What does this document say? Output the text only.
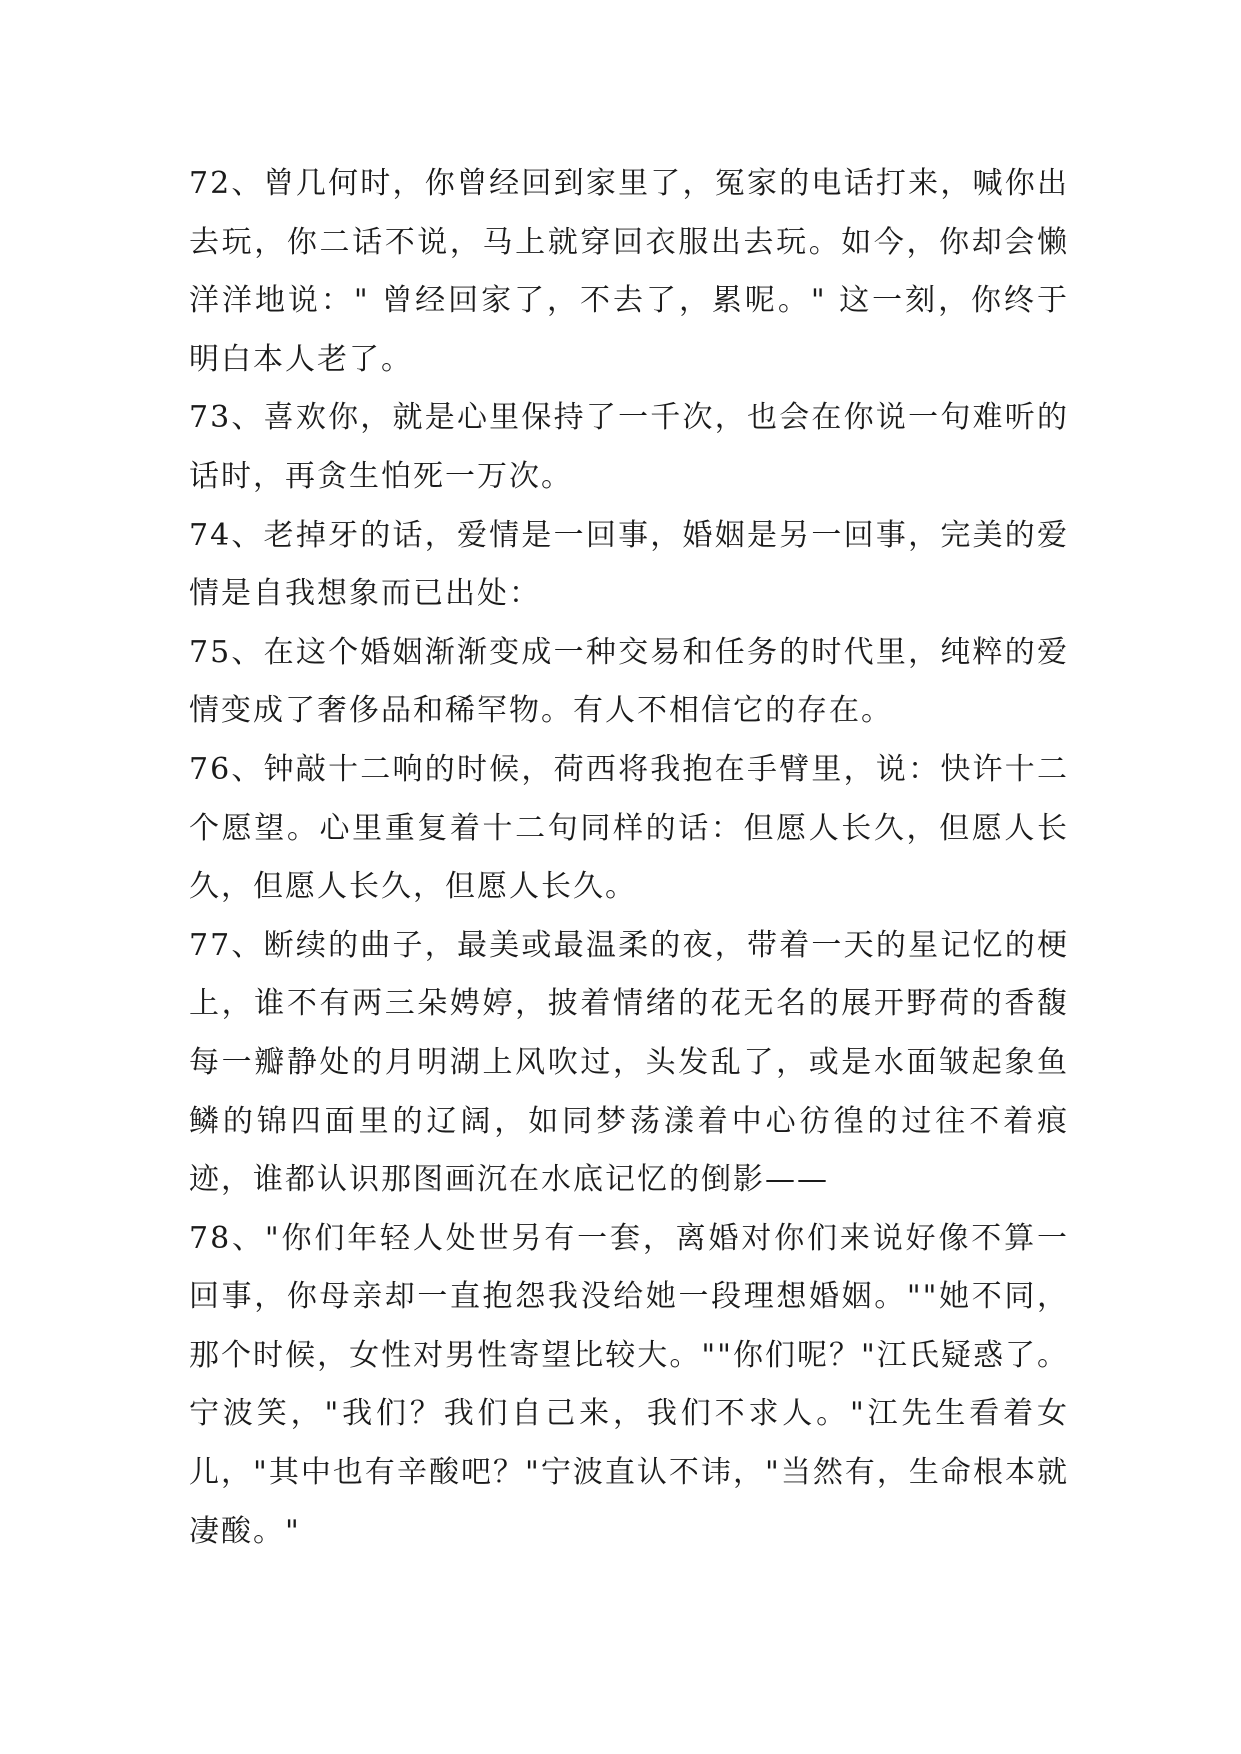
72、曾几何时，你曾经回到家里了，冤家的电话打来，喊你出去玩，你二话不说，马上就穿回衣服出去玩。如今，你却会懒洋洋地说：" 曾经回家了，不去了，累呢。" 这一刻，你终于明白本人老了。

73、喜欢你，就是心里保持了一千次，也会在你说一句难听的话时，再贪生怕死一万次。

74、老掉牙的话，爱情是一回事，婚姻是另一回事，完美的爱情是自我想象而已出处：

75、在这个婚姻渐渐变成一种交易和任务的时代里，纯粹的爱情变成了奢侈品和稀罕物。有人不相信它的存在。

76、钟敲十二响的时候，荷西将我抱在手臂里，说：快许十二个愿望。心里重复着十二句同样的话：但愿人长久，但愿人长久，但愿人长久，但愿人长久。

77、断续的曲子，最美或最温柔的夜，带着一天的星记忆的梗上，谁不有两三朵娉婷，披着情绪的花无名的展开野荷的香馥每一瓣静处的月明湖上风吹过，头发乱了，或是水面皱起象鱼鳞的锦四面里的辽阔，如同梦荡漾着中心彷徨的过往不着痕迹，谁都认识那图画沉在水底记忆的倒影——

78、"你们年轻人处世另有一套，离婚对你们来说好像不算一回事，你母亲却一直抱怨我没给她一段理想婚姻。""她不同，那个时候，女性对男性寄望比较大。""你们呢？"江氏疑惑了。宁波笑，"我们？我们自己来，我们不求人。"江先生看着女儿，"其中也有辛酸吧？"宁波直认不讳，"当然有，生命根本就凄酸。"
